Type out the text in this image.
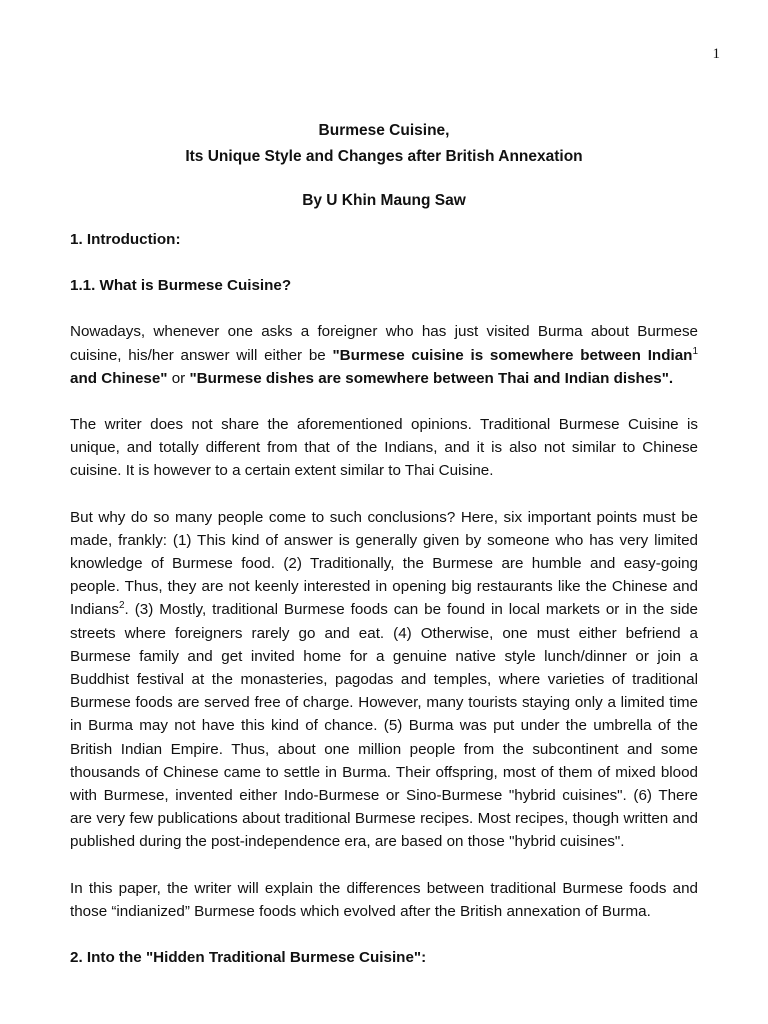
1
Burmese Cuisine,
Its Unique Style and Changes after British Annexation
By U Khin Maung Saw

1. Introduction:

1.1. What is Burmese Cuisine?

Nowadays, whenever one asks a foreigner who has just visited Burma about Burmese cuisine, his/her answer will either be "Burmese cuisine is somewhere between Indian$^1$ and Chinese" or "Burmese dishes are somewhere between Thai and Indian dishes".

The writer does not share the aforementioned opinions. Traditional Burmese Cuisine is unique, and totally different from that of the Indians, and it is also not similar to Chinese cuisine. It is however to a certain extent similar to Thai Cuisine.

But why do so many people come to such conclusions? Here, six important points must be made, frankly: (1) This kind of answer is generally given by someone who has very limited knowledge of Burmese food. (2) Traditionally, the Burmese are humble and easy-going people. Thus, they are not keenly interested in opening big restaurants like the Chinese and Indians$^2$. (3) Mostly, traditional Burmese foods can be found in local markets or in the side streets where foreigners rarely go and eat. (4) Otherwise, one must either befriend a Burmese family and get invited home for a genuine native style lunch/dinner or join a Buddhist festival at the monasteries, pagodas and temples, where varieties of traditional Burmese foods are served free of charge. However, many tourists staying only a limited time in Burma may not have this kind of chance. (5) Burma was put under the umbrella of the British Indian Empire. Thus, about one million people from the subcontinent and some thousands of Chinese came to settle in Burma. Their offspring, most of them of mixed blood with Burmese, invented either Indo-Burmese or Sino-Burmese "hybrid cuisines". (6) There are very few publications about traditional Burmese recipes. Most recipes, though written and published during the post-independence era, are based on those "hybrid cuisines".

In this paper, the writer will explain the differences between traditional Burmese foods and those “indianized” Burmese foods which evolved after the British annexation of Burma.

2. Into the "Hidden Traditional Burmese Cuisine":
